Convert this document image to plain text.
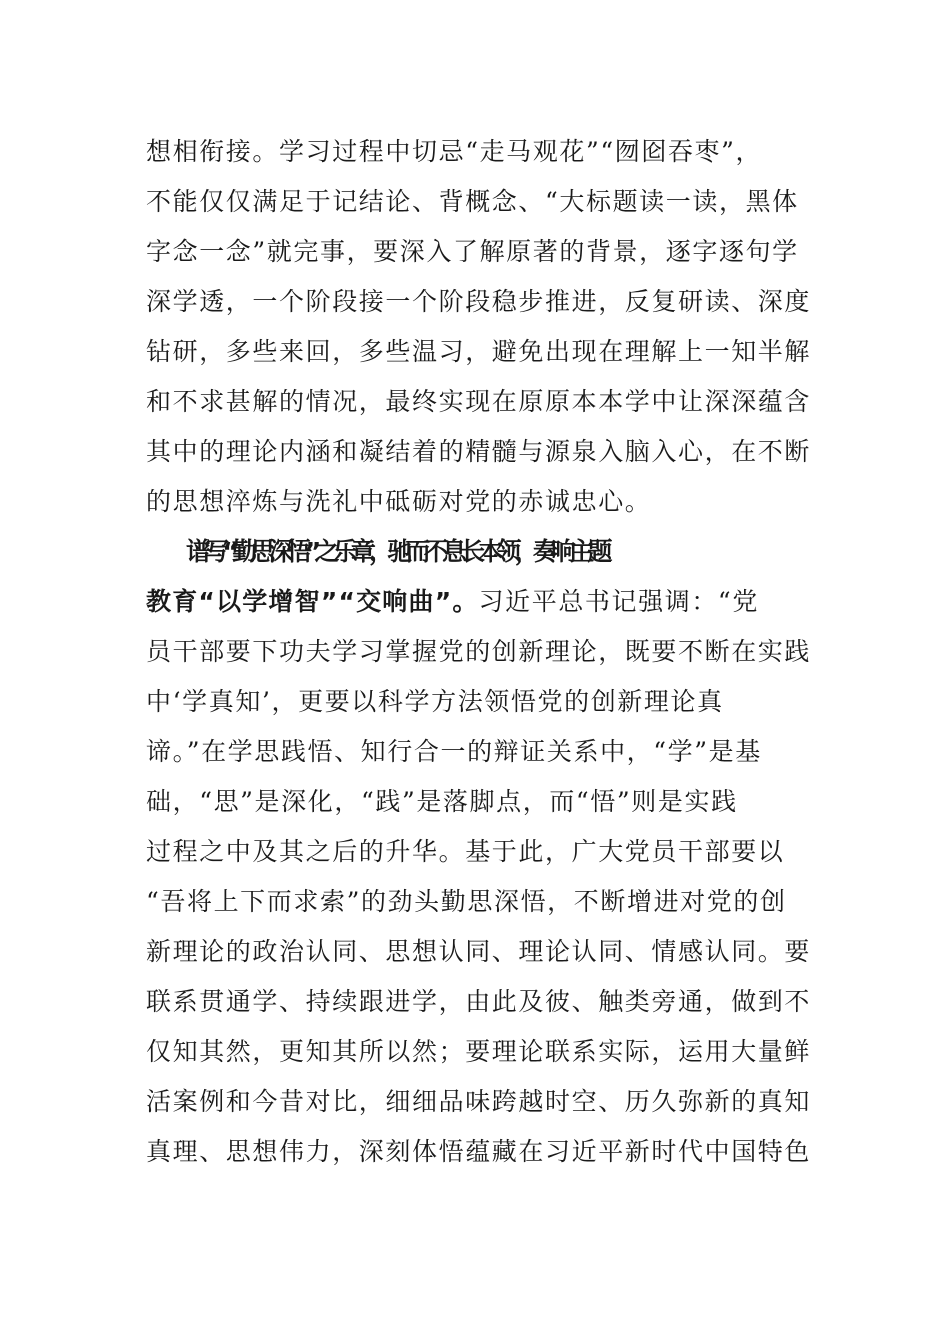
想相衔接。学习过程中切忌“走马观花”“囫囵吞枣”，
不能仅仅满足于记结论、背概念、“大标题读一读，黑体
字念一念”就完事，要深入了解原著的背景，逐字逐句学
深学透，一个阶段接一个阶段稳步推进，反复研读、深度
钻研，多些来回，多些温习，避免出现在理解上一知半解
和不求甚解的情况，最终实现在原原本本学中让深深蕴含
其中的理论内涵和凝结着的精髓与源泉入脑入心，在不断
的思想淬炼与洗礼中砥砺对党的赤诚忠心。
谱写“勤思深悟”之乐章，驰而不息长本领，奏响主题
教育“以学增智”“交响曲”。习近平总书记强调：“党
员干部要下功夫学习掌握党的创新理论，既要不断在实践
中‘学真知’，更要以科学方法领悟党的创新理论真
谛。”在学思践悟、知行合一的辩证关系中，“学”是基
础，“思”是深化，“践”是落脚点，而“悟”则是实践
过程之中及其之后的升华。基于此，广大党员干部要以
“吾将上下而求索”的劲头勤思深悟，不断增进对党的创
新理论的政治认同、思想认同、理论认同、情感认同。要
联系贯通学、持续跟进学，由此及彼、触类旁通，做到不
仅知其然，更知其所以然；要理论联系实际，运用大量鲜
活案例和今昔对比，细细品味跨越时空、历久弥新的真知
真理、思想伟力，深刻体悟蕴藏在习近平新时代中国特色
